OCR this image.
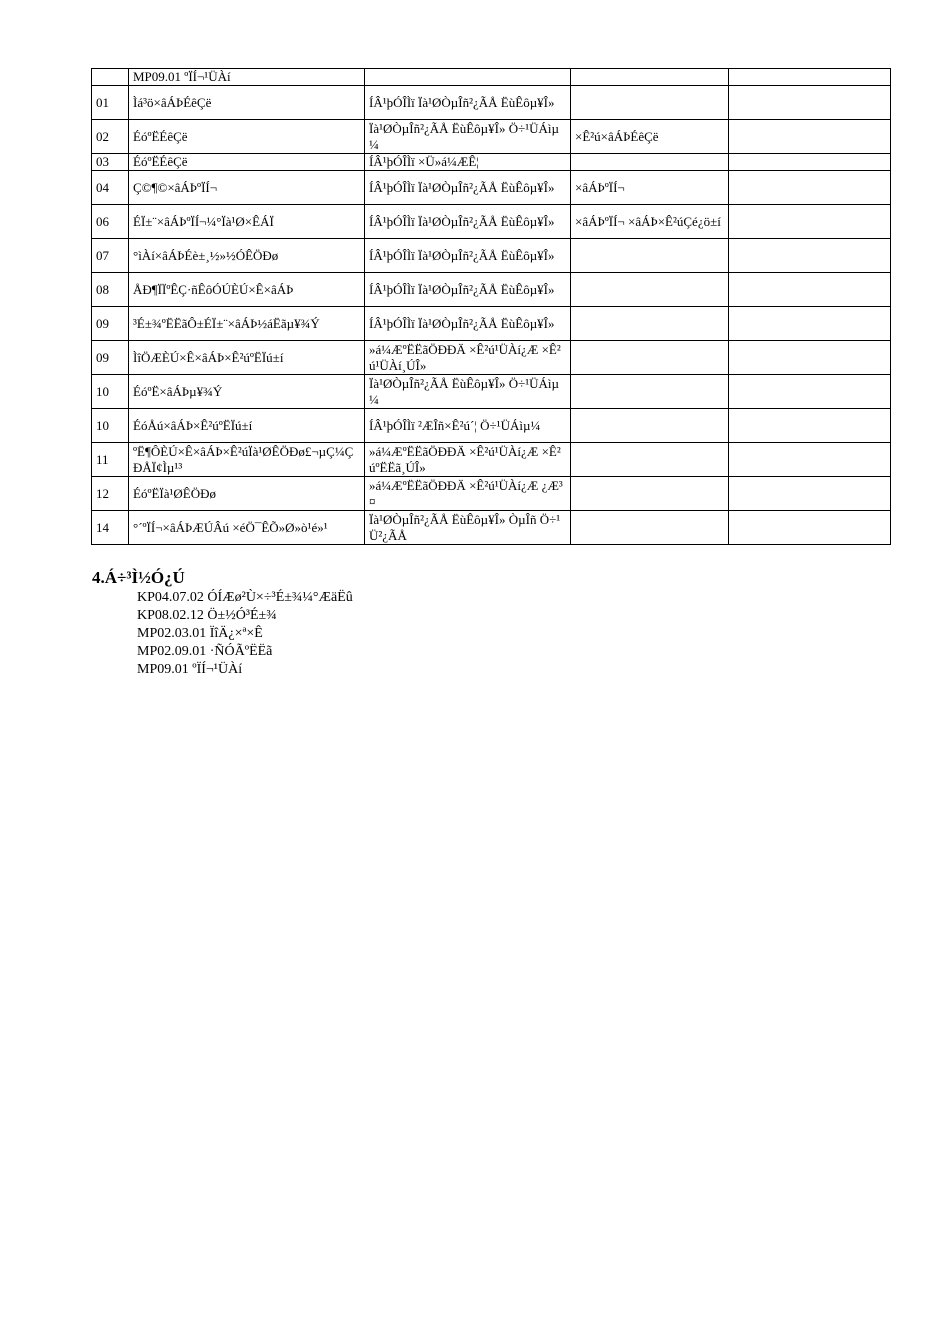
	MP09.01 ºÏÍ¬¹ÜÀí			
01	Ìá³ö×âÁÞÉêÇë	ÍÂ¹þÓÎÌï Ïà¹ØÒµÎñ²¿ÃÅ ËùÊôµ¥Î»		
02	ÉóºËÉêÇë	Ïà¹ØÒµÎñ²¿ÃÅ ËùÊôµ¥Î» Ö÷¹ÜÁìµ¼	×Ê²ú×âÁÞÉêÇë	
03	ÉóºËÉêÇë	ÍÂ¹þÓÎÌï ×Ü»á¼ÆÊ¦		
04	Ç©¶©×âÁÞºÏÍ¬	ÍÂ¹þÓÎÌï Ïà¹ØÒµÎñ²¿ÃÅ ËùÊôµ¥Î»	×âÁÞºÏÍ¬	
06	ÉÏ±¨×âÁÞºÏÍ¬¼°Ïà¹Ø×ÊÁÏ	ÍÂ¹þÓÎÌï Ïà¹ØÒµÎñ²¿ÃÅ ËùÊôµ¥Î»	×âÁÞºÏÍ¬ ×âÁÞ×Ê²úÇé¿ö±í	
07	°ìÀí×âÁÞÉè±¸½»½ÓÊÖÐø	ÍÂ¹þÓÎÌï Ïà¹ØÒµÎñ²¿ÃÅ ËùÊôµ¥Î»		
08	ÅÐ¶ÏÏºÊÇ·ñÊôÓÚÈÚ×Ê×âÁÞ	ÍÂ¹þÓÎÌï Ïà¹ØÒµÎñ²¿ÃÅ ËùÊôµ¥Î»		
09	³É±¾ºËËãÔ±ÉÏ±¨×âÁÞ½áËãµ¥¾Ý	ÍÂ¹þÓÎÌï Ïà¹ØÒµÎñ²¿ÃÅ ËùÊôµ¥Î»		
09	ÌîÖÆÈÚ×Ê×âÁÞ×Ê²úºËÏú±í	»á¼ÆºËËãÖÐÐÄ ×Ê²ú¹ÜÀí¿Æ ×Ê²ú¹ÜÀí¸ÚÎ»		
10	ÉóºË×âÁÞµ¥¾Ý	Ïà¹ØÒµÎñ²¿ÃÅ ËùÊôµ¥Î» Ö÷¹ÜÁìµ¼		
10	ÉóÅú×âÁÞ×Ê²úºËÏú±í	ÍÂ¹þÓÎÌï ²ÆÎñ×Ê²ú´¦ Ö÷¹ÜÁìµ¼		
11	ºË¶ÔÈÚ×Ê×âÁÞ×Ê²úÏà¹ØÊÖÐø£¬µÇ¼ÇÐÅÏ¢Ìµ¹³	»á¼ÆºËËãÖÐÐÄ ×Ê²ú¹ÜÀí¿Æ ×Ê²úºËËã¸ÚÎ»		
12	ÉóºËÏà¹ØÊÖÐø	»á¼ÆºËËãÖÐÐÄ ×Ê²ú¹ÜÀí¿Æ ¿Æ³¤		
14	°´ºÏÍ¬×âÁÞÆÚÂú ×éÖ¯ÊÕ»Ø»ò¹é»¹	Ïà¹ØÒµÎñ²¿ÃÅ ËùÊôµ¥Î» ÒµÎñ Ö÷¹Ü²¿ÃÅ		
4.Á÷³Ì½Ó¿Ú
KP04.07.02 ÓÍÆø²Ù×÷³É±¾¼°ÆäËû
KP08.02.12 Ö±½Ó³É±¾
MP02.03.01 ÏîÄ¿×ª×Ê
MP02.09.01 ·ÑÓÃºËËã
MP09.01 ºÏÍ¬¹ÜÀí
